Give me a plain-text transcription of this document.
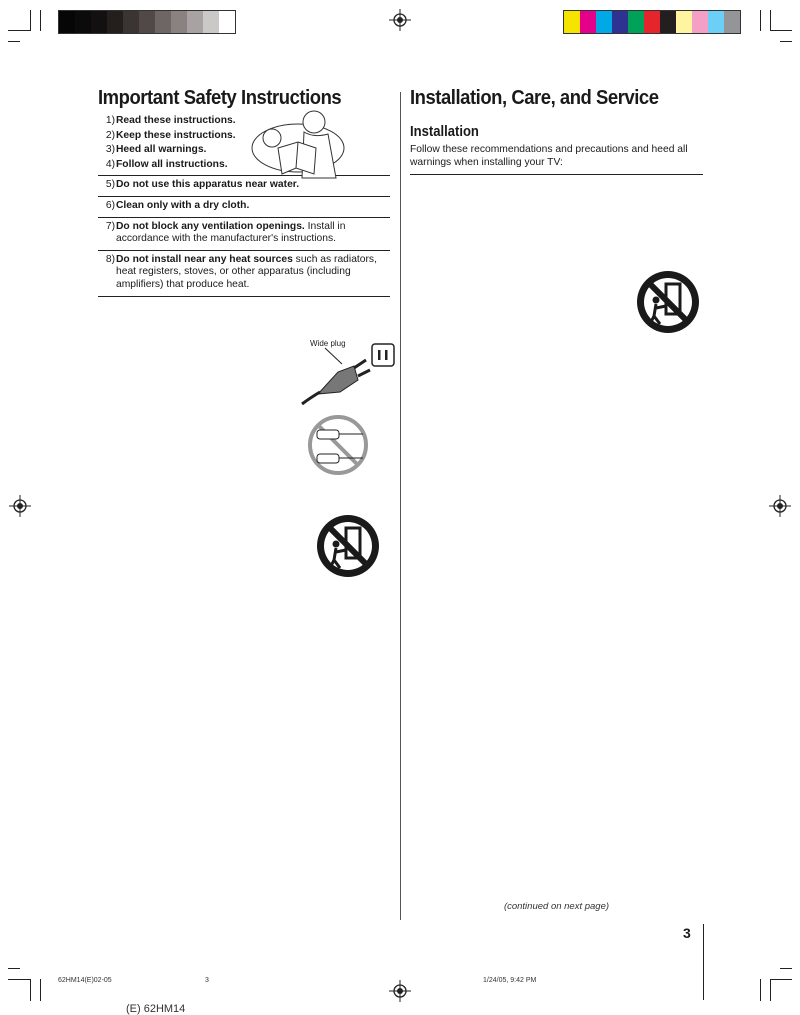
Important Safety Instructions
1) Read these instructions.
2) Keep these instructions.
3) Heed all warnings.
4) Follow all instructions.
5) Do not use this apparatus near water.
6) Clean only with a dry cloth.
7) Do not block any ventilation openings. Install in accordance with the manufacturer's instructions.
8) Do not install near any heat sources such as radiators, heat registers, stoves, or other apparatus (including amplifiers) that produce heat.
Wide plug
Installation, Care, and Service
Installation
Follow these recommendations and precautions and heed all warnings when installing your TV:
(continued on next page)
3
62HM14(E)02-05	3	1/24/05, 9:42 PM
(E) 62HM14
